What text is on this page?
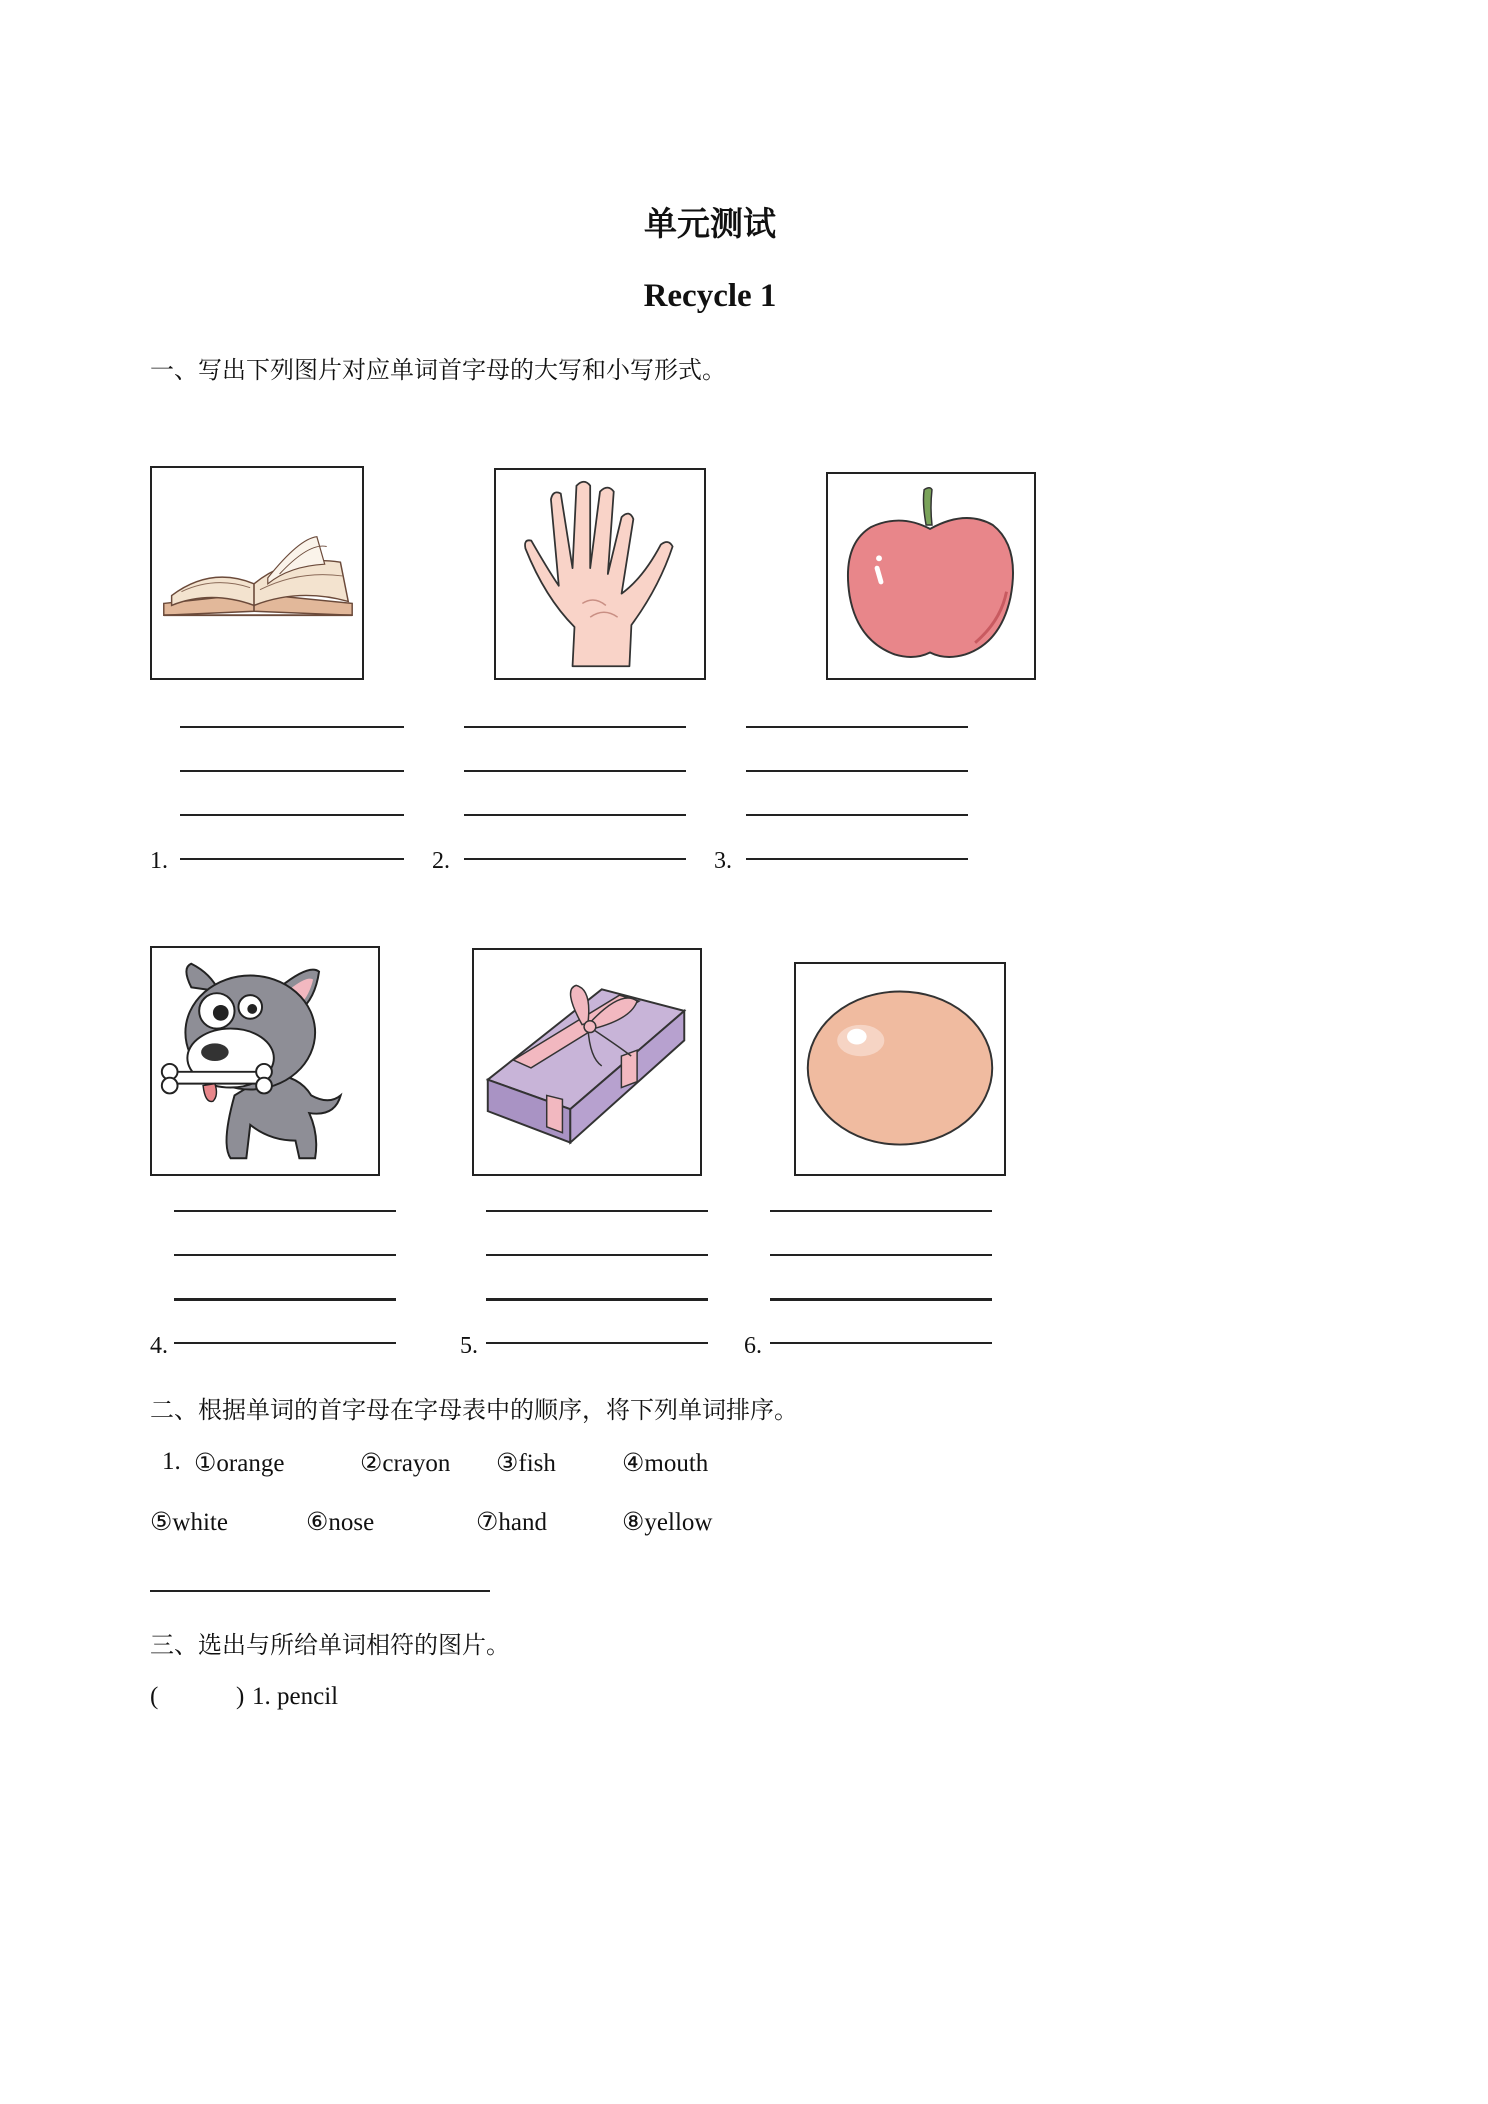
单元测试
Recycle 1
一、写出下列图片对应单词首字母的大写和小写形式。
1.	2.	3.
4.	5.	6.
二、根据单词的首字母在字母表中的顺序，将下列单词排序。
1. ①orange	②crayon ③fish	④mouth
⑤white	⑥nose	⑦hand	⑧yellow
三、选出与所给单词相符的图片。
(	) 1. pencil
